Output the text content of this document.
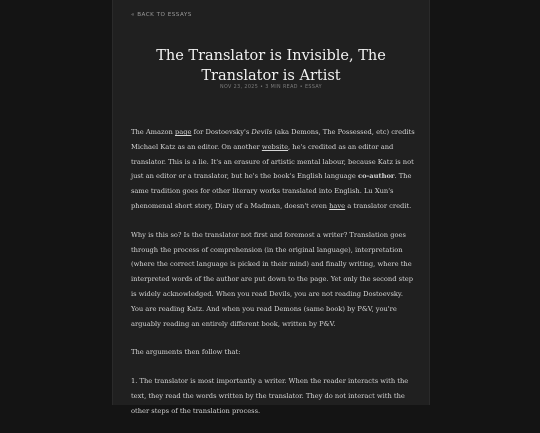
« BACK TO ESSAYS
The Translator is Invisible, The Translator is Artist
NOV 23, 2025 • 3 MIN READ • ESSAY

The Amazon page for Dostoevsky's Devils (aka Demons, The Possessed, etc) credits Michael Katz as an editor. On another website, he's credited as an editor and translator. This is a lie. It's an erasure of artistic mental labour, because Katz is not just an editor or a translator, but he's the book's English language co-author. The same tradition goes for other literary works translated into English. Lu Xun's phenomenal short story, Diary of a Madman, doesn't even have a translator credit.

Why is this so? Is the translator not first and foremost a writer? Translation goes through the process of comprehension (in the original language), interpretation (where the correct language is picked in their mind) and finally writing, where the interpreted words of the author are put down to the page. Yet only the second step is widely acknowledged. When you read Devils, you are not reading Dostoevsky. You are reading Katz. And when you read Demons (same book) by P&V, you're arguably reading an entirely different book, written by P&V.

The arguments then follow that:

1. The translator is most importantly a writer. When the reader interacts with the text, they read the words written by the translator. They do not interact with the other steps of the translation process.
